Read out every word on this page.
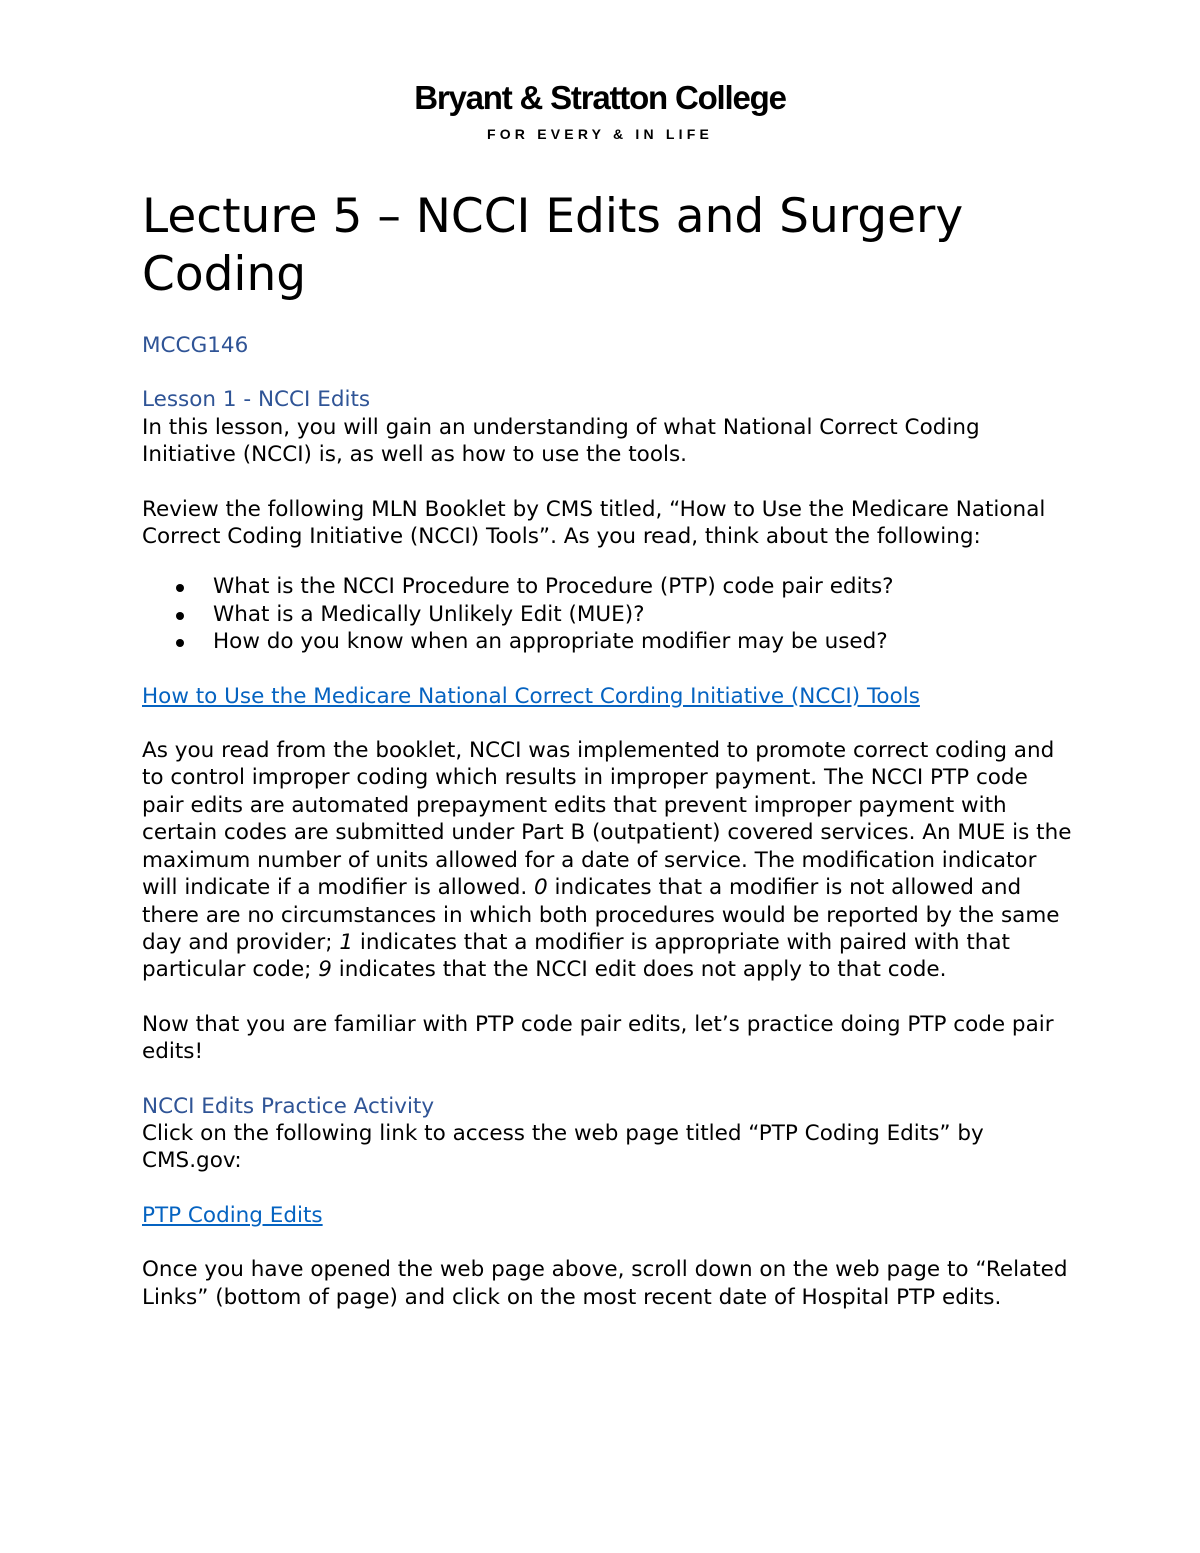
Bryant & Stratton College
FOR EVERY & IN LIFE
Lecture 5 – NCCI Edits and Surgery Coding

MCCG146

Lesson 1 - NCCI Edits

In this lesson, you will gain an understanding of what National Correct Coding Initiative (NCCI) is, as well as how to use the tools.

Review the following MLN Booklet by CMS titled, “How to Use the Medicare National Correct Coding Initiative (NCCI) Tools”. As you read, think about the following:

What is the NCCI Procedure to Procedure (PTP) code pair edits?
What is a Medically Unlikely Edit (MUE)?
How do you know when an appropriate modifier may be used?

How to Use the Medicare National Correct Cording Initiative (NCCI) Tools

As you read from the booklet, NCCI was implemented to promote correct coding and to control improper coding which results in improper payment. The NCCI PTP code pair edits are automated prepayment edits that prevent improper payment with certain codes are submitted under Part B (outpatient) covered services. An MUE is the maximum number of units allowed for a date of service. The modification indicator will indicate if a modifier is allowed. 0 indicates that a modifier is not allowed and there are no circumstances in which both procedures would be reported by the same day and provider; 1 indicates that a modifier is appropriate with paired with that particular code; 9 indicates that the NCCI edit does not apply to that code.

Now that you are familiar with PTP code pair edits, let’s practice doing PTP code pair edits!

NCCI Edits Practice Activity

Click on the following link to access the web page titled “PTP Coding Edits” by CMS.gov:

PTP Coding Edits

Once you have opened the web page above, scroll down on the web page to “Related Links” (bottom of page) and click on the most recent date of Hospital PTP edits.
